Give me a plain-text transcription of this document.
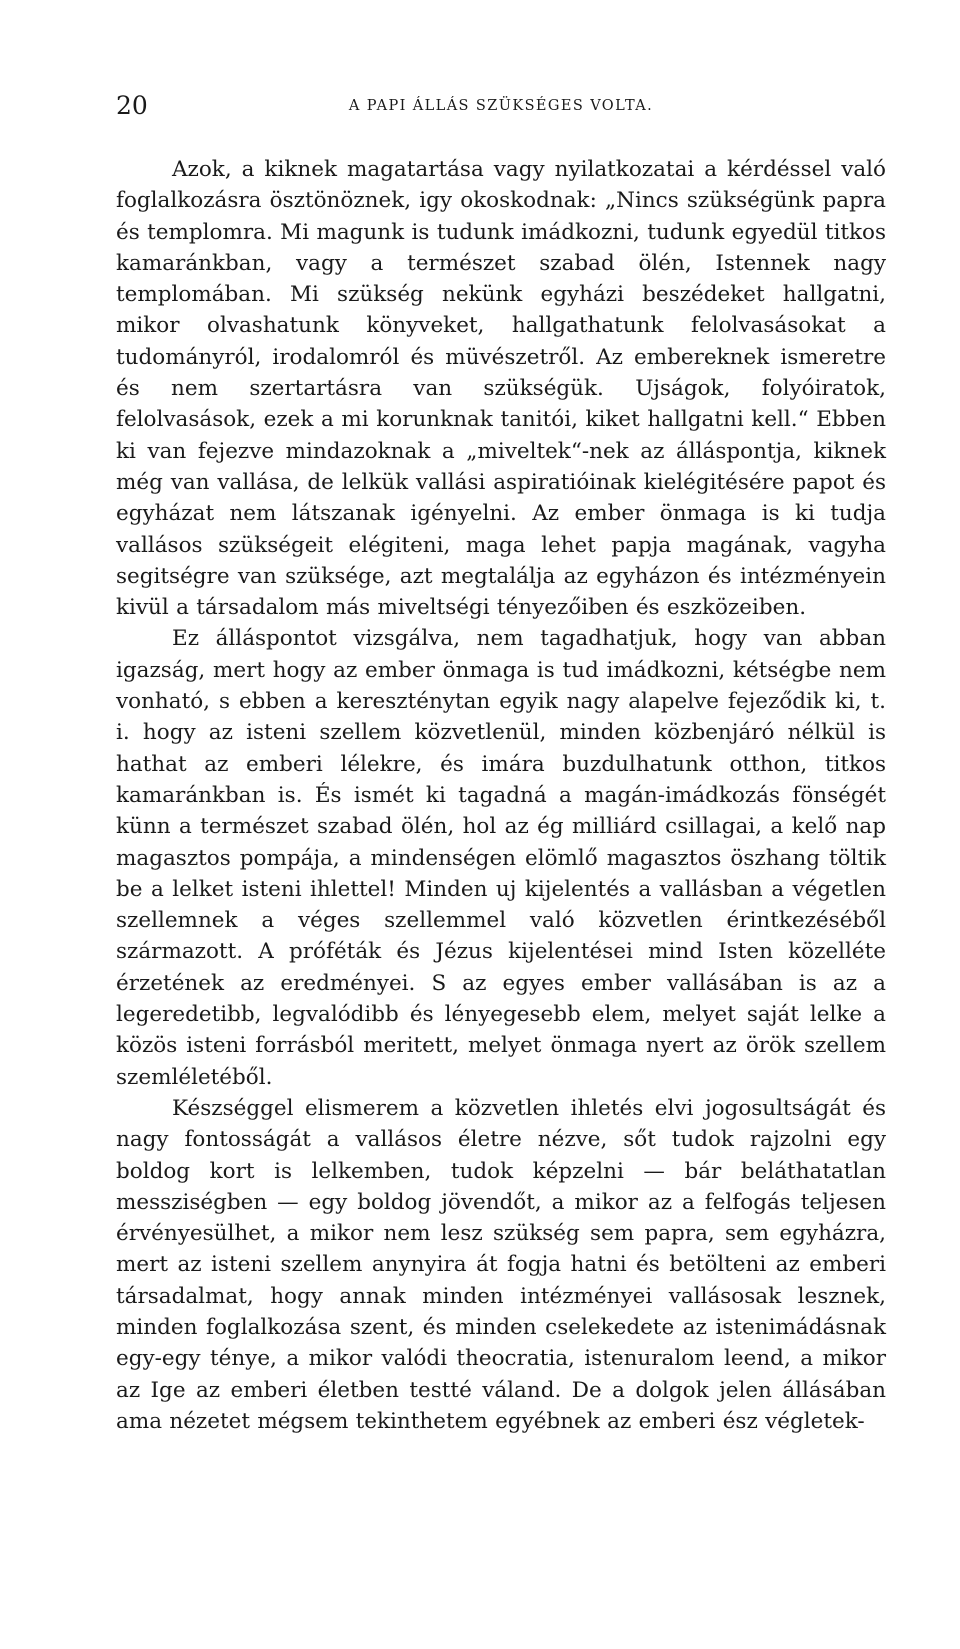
20	A PAPI ÁLLÁS SZÜKSÉGES VOLTA.

Azok, a kiknek magatartása vagy nyilatkozatai a kérdéssel való foglalkozásra ösztönöznek, igy okoskodnak: „Nincs szükségünk papra és templomra. Mi magunk is tudunk imádkozni, tudunk egyedül titkos kamaránkban, vagy a természet szabad ölén, Istennek nagy templomában. Mi szükség nekünk egyházi beszédeket hallgatni, mikor olvashatunk könyveket, hallgathatunk felolvasásokat a tudományról, irodalomról és müvészetről. Az embereknek ismeretre és nem szertartásra van szükségük. Ujságok, folyóiratok, felolvasások, ezek a mi korunknak tanitói, kiket hallgatni kell.“ Ebben ki van fejezve mindazoknak a „miveltek“-nek az álláspontja, kiknek még van vallása, de lelkük vallási aspiratióinak kielégitésére papot és egyházat nem látszanak igényelni. Az ember önmaga is ki tudja vallásos szükségeit elégiteni, maga lehet papja magának, vagyha segitségre van szüksége, azt megtalálja az egyházon és intézményein kivül a társadalom más miveltségi tényezőiben és eszközeiben.

Ez álláspontot vizsgálva, nem tagadhatjuk, hogy van abban igazság, mert hogy az ember önmaga is tud imádkozni, kétségbe nem vonható, s ebben a kereszténytan egyik nagy alapelve fejeződik ki, t. i. hogy az isteni szellem közvetlenül, minden közbenjáró nélkül is hathat az emberi lélekre, és imára buzdulhatunk otthon, titkos kamaránkban is. És ismét ki tagadná a magán-imádkozás fönségét künn a természet szabad ölén, hol az ég milliárd csillagai, a kelő nap magasztos pompája, a mindenségen elömlő magasztos öszhang töltik be a lelket isteni ihlettel! Minden uj kijelentés a vallásban a végetlen szellemnek a véges szellemmel való közvetlen érintkezéséből származott. A próféták és Jézus kijelentései mind Isten közelléte érzetének az eredményei. S az egyes ember vallásában is az a legeredetibb, legvalódibb és lényegesebb elem, melyet saját lelke a közös isteni forrásból meritett, melyet önmaga nyert az örök szellem szemléletéből.

Készséggel elismerem a közvetlen ihletés elvi jogosultságát és nagy fontosságát a vallásos életre nézve, sőt tudok rajzolni egy boldog kort is lelkemben, tudok képzelni — bár beláthatatlan messziségben — egy boldog jövendőt, a mikor az a felfogás teljesen érvényesülhet, a mikor nem lesz szükség sem papra, sem egyházra, mert az isteni szellem anynyira át fogja hatni és betölteni az emberi társadalmat, hogy annak minden intézményei vallásosak lesznek, minden foglalkozása szent, és minden cselekedete az istenimádásnak egy-egy ténye, a mikor valódi theocratia, istenuralom leend, a mikor az Ige az emberi életben testté váland. De a dolgok jelen állásában ama nézetet mégsem tekinthetem egyébnek az emberi ész végletek-
